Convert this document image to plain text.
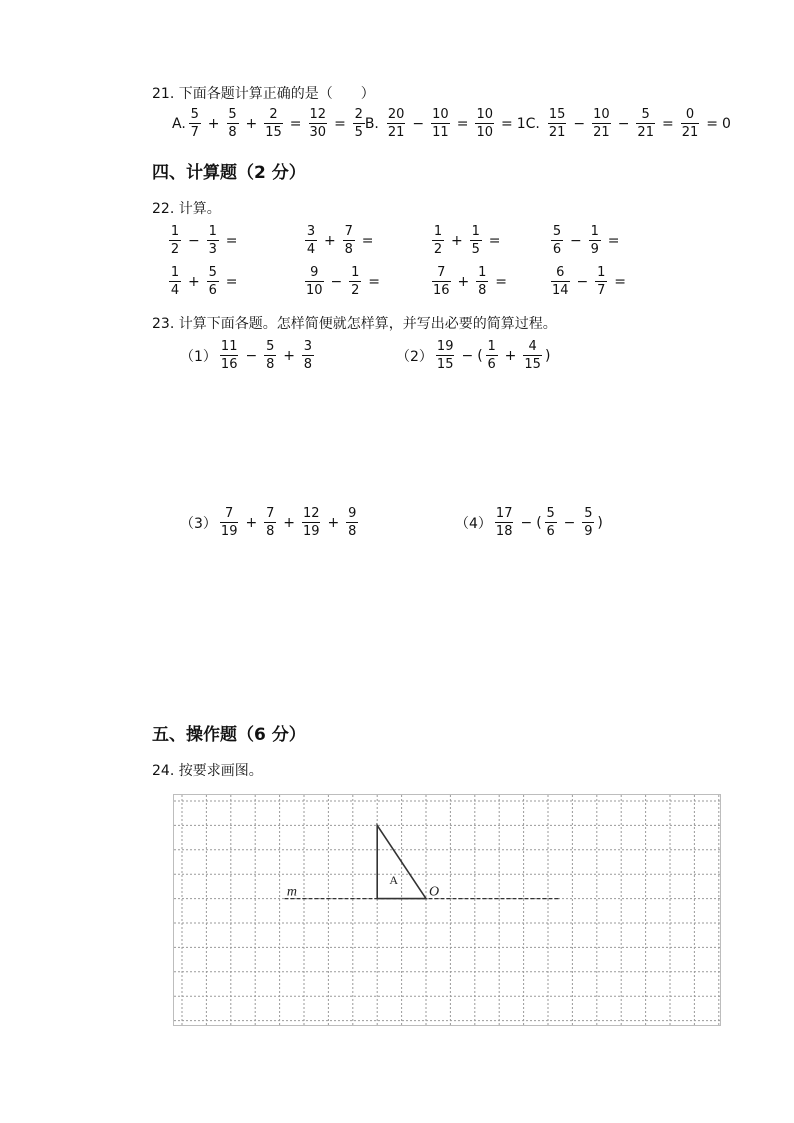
21. 下面各题计算正确的是（　　）
A. $\frac{5}{7} + \frac{5}{8} + \frac{2}{15} = \frac{12}{30} = \frac{2}{5} B$. $\frac{20}{21} - \frac{10}{11} = \frac{10}{10} = 1C$. $\frac{15}{21} - \frac{10}{21} - \frac{5}{21} = \frac{0}{21} = 0$
四、计算题（2 分）
22. 计算。
$\frac{1}{2} - \frac{1}{3}$ =	$\frac{3}{4} + \frac{7}{8}$ =	$\frac{1}{2} + \frac{1}{5}$ =	$\frac{5}{6} - \frac{1}{9}$ =
$\frac{1}{4} + \frac{5}{6}$ =	$\frac{9}{10} - \frac{1}{2}$ =	$\frac{7}{16} + \frac{1}{8}$ =	$\frac{6}{14} - \frac{1}{7}$ =
23. 计算下面各题。怎样简便就怎样算，并写出必要的简算过程。
$(1) \frac{11}{16} - \frac{5}{8} + \frac{3}{8}$	$(2) \frac{19}{15}$ − ( $\frac{1}{6} + \frac{4}{15}$ )
$(3) \frac{7}{19} + \frac{7}{8} + \frac{12}{19} + \frac{9}{8}$	$(4) \frac{17}{18}$ − ( $\frac{5}{6} - \frac{5}{9}$ )
五、操作题（6 分）
24. 按要求画图。
m	O
A
